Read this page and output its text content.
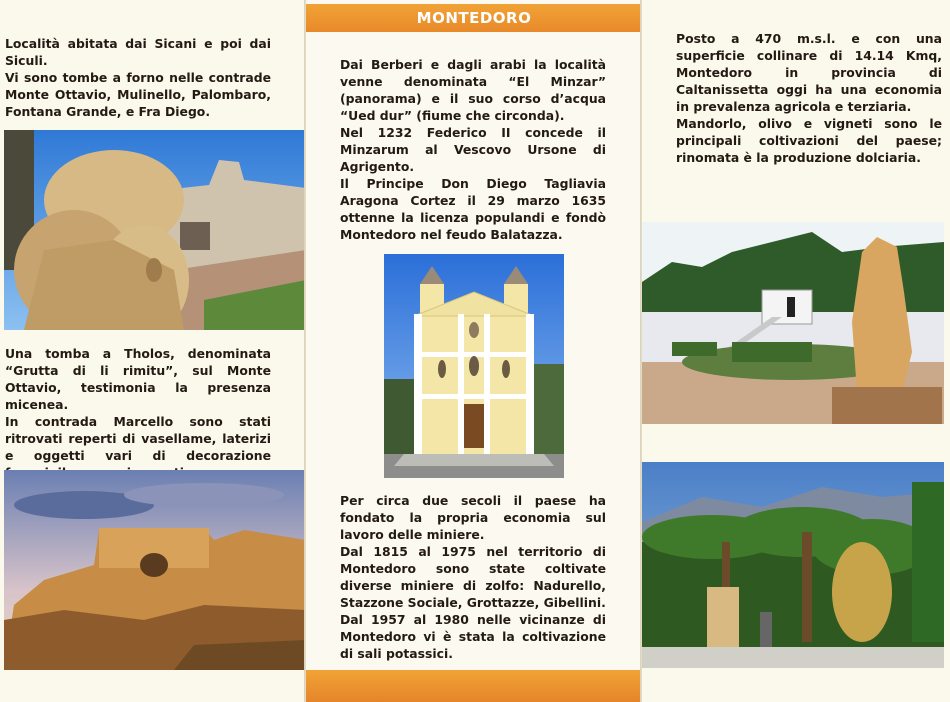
Località abitata dai Sicani e poi dai Siculi.

Vi sono tombe a forno nelle contrade Monte Ottavio, Mulinello, Palombaro, Fontana Grande, e Fra Diego.

Una tomba a Tholos, denominata “Grutta di li rimitu”, sul Monte Ottavio, testimonia la presenza micenea.

In contrada Marcello sono stati ritrovati reperti di vasellame, laterizi e oggetti vari di decorazione

MONTEDORO

Dai Berberi e dagli arabi la località venne denominata “El Minzar” (panorama) e il suo corso d’acqua “Ued dur” (fiume che circonda).

Nel 1232 Federico II concede il Minzarum al Vescovo Ursone di Agrigento.

Il Principe Don Diego Tagliavia Aragona Cortez il 29 marzo 1635 ottenne la licenza populandi e fondò Montedoro nel feudo Balatazza.

Per circa due secoli il paese ha fondato la propria economia sul lavoro delle miniere.

Dal 1815 al 1975 nel territorio di Montedoro sono state coltivate diverse miniere di zolfo: Nadurello, Stazzone Sociale, Grottazze, Gibellini.

Dal 1957 al 1980 nelle vicinanze di Montedoro vi è stata la coltivazione di sali potassici.

Posto a 470 m.s.l. e con una superficie collinare di 14.14 Kmq, Montedoro in provincia di Caltanissetta oggi ha una economia in prevalenza agricola e terziaria.

Mandorlo, olivo e vigneti sono le principali coltivazioni del paese; rinomata è la produzione dolciaria.
